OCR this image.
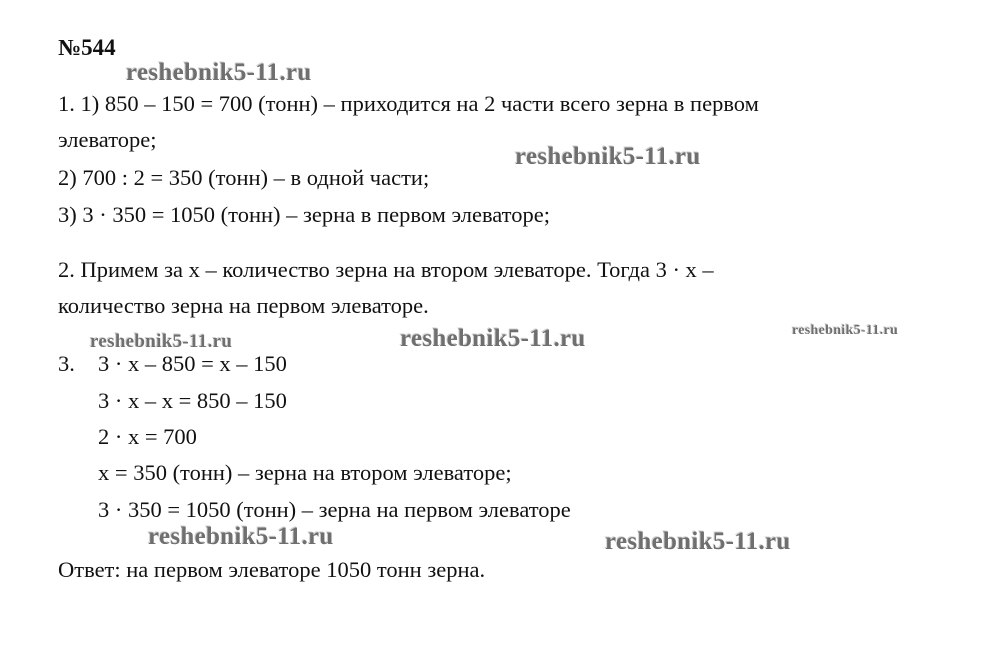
№544
1. 1) 850 – 150 = 700 (тонн) – приходится на 2 части всего зерна в первом
элеваторе;
2) 700 : 2 = 350 (тонн) – в одной части;
3) 3 · 350 = 1050 (тонн) – зерна в первом элеваторе;
2. Примем за х – количество зерна на втором элеваторе. Тогда 3 · х –
количество зерна на первом элеваторе.
3. 3 · х – 850 = х – 150
3 · х – х = 850 – 150
2 · х = 700
х = 350 (тонн) – зерна на втором элеваторе;
3 · 350 = 1050 (тонн) – зерна на первом элеваторе
Ответ: на первом элеваторе 1050 тонн зерна.
reshebnik5-11.ru
reshebnik5-11.ru
reshebnik5-11.ru	reshebnik5-11.ru	reshebnik5-11.ru
reshebnik5-11.ru	reshebnik5-11.ru
